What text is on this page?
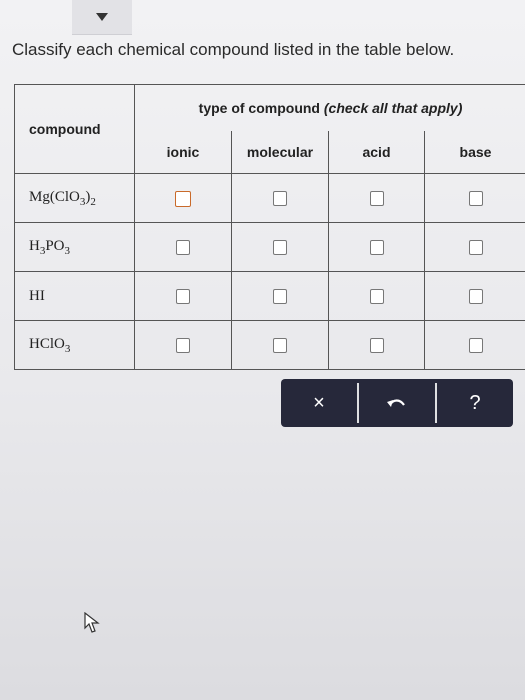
Classify each chemical compound listed in the table below.
compound	type of compound (check all that apply)			
	ionic	molecular	acid	base
$Mg(ClO_3)_2$				
$H_3PO_3$				
HI				
HClO$_3$				
×	?
